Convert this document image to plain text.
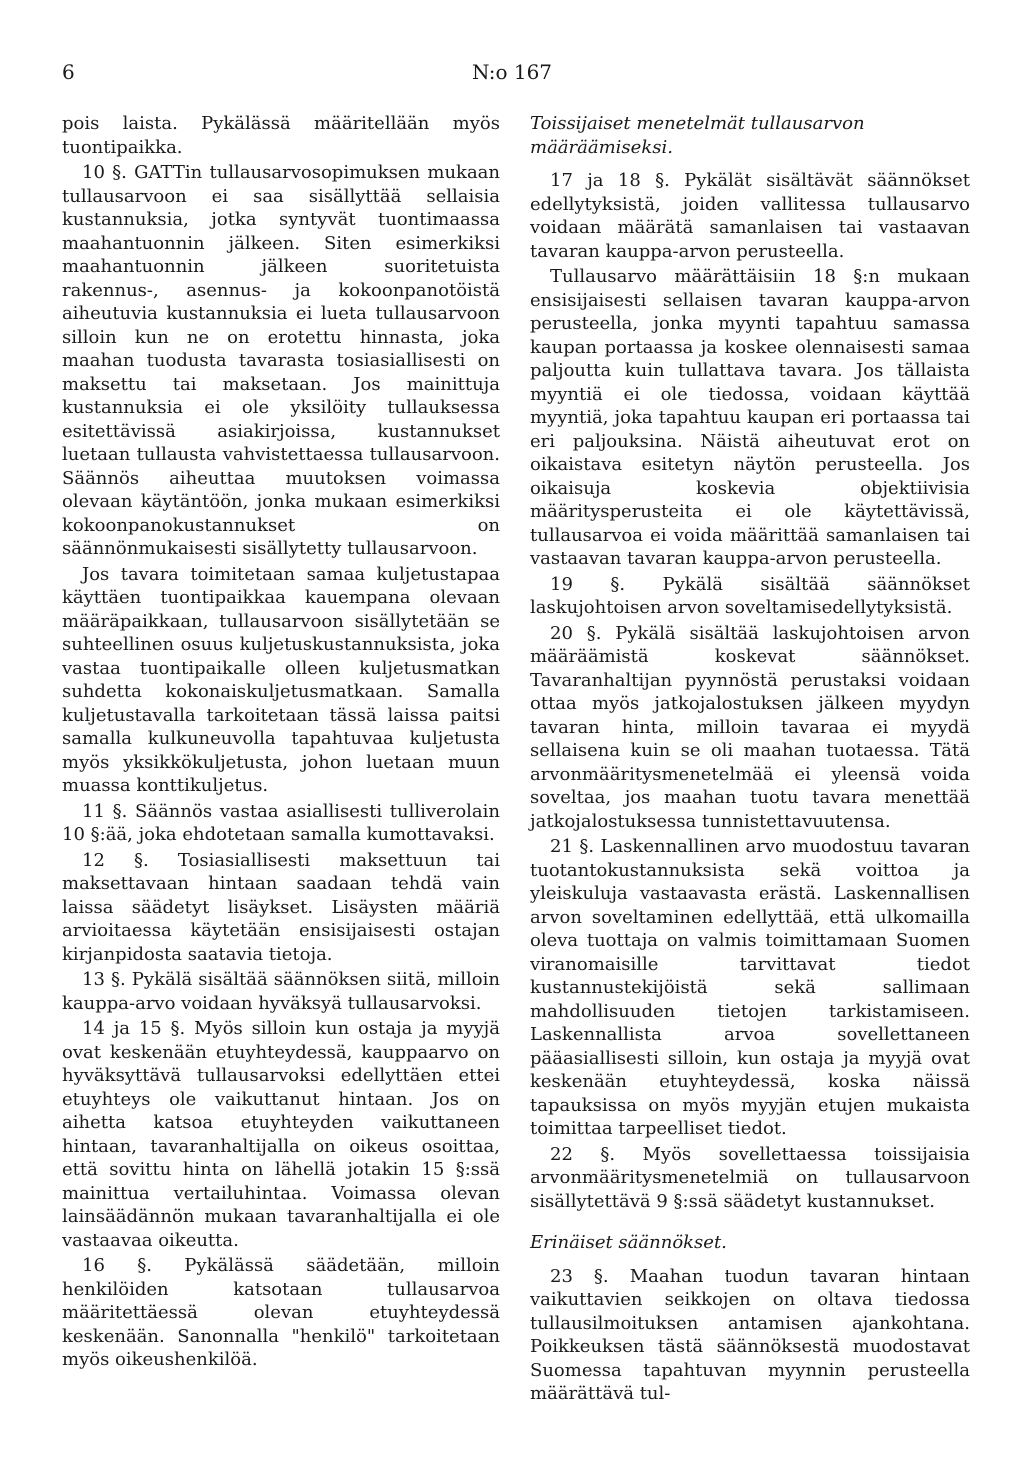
6	N:o 167

pois laista. Pykälässä määritellään myös tuontipaikka.

10 §. GATTin tullausarvosopimuksen mukaan tullausarvoon ei saa sisällyttää sellaisia kustannuksia, jotka syntyvät tuontimaassa maahantuonnin jälkeen. Siten esimerkiksi maahantuonnin jälkeen suoritetuista rakennus-, asennus- ja kokoonpanotöistä aiheutuvia kustannuksia ei lueta tullausarvoon silloin kun ne on erotettu hinnasta, joka maahan tuodusta tavarasta tosiasiallisesti on maksettu tai maksetaan. Jos mainittuja kustannuksia ei ole yksilöity tullauksessa esitettävissä asiakirjoissa, kustannukset luetaan tullausta vahvistettaessa tullausarvoon. Säännös aiheuttaa muutoksen voimassa olevaan käytäntöön, jonka mukaan esimerkiksi kokoonpanokustannukset on säännönmukaisesti sisällytetty tullausarvoon.

Jos tavara toimitetaan samaa kuljetustapaa käyttäen tuontipaikkaa kauempana olevaan määräpaikkaan, tullausarvoon sisällytetään se suhteellinen osuus kuljetuskustannuksista, joka vastaa tuontipaikalle olleen kuljetusmatkan suhdetta kokonaiskuljetusmatkaan. Samalla kuljetustavalla tarkoitetaan tässä laissa paitsi samalla kulkuneuvolla tapahtuvaa kuljetusta myös yksikkökuljetusta, johon luetaan muun muassa konttikuljetus.

11 §. Säännös vastaa asiallisesti tulliverolain 10 §:ää, joka ehdotetaan samalla kumottavaksi.

12 §. Tosiasiallisesti maksettuun tai maksettavaan hintaan saadaan tehdä vain laissa säädetyt lisäykset. Lisäysten määriä arvioitaessa käytetään ensisijaisesti ostajan kirjanpidosta saatavia tietoja.

13 §. Pykälä sisältää säännöksen siitä, milloin kauppa-arvo voidaan hyväksyä tullausarvoksi.

14 ja 15 §. Myös silloin kun ostaja ja myyjä ovat keskenään etuyhteydessä, kauppaarvo on hyväksyttävä tullausarvoksi edellyttäen ettei etuyhteys ole vaikuttanut hintaan. Jos on aihetta katsoa etuyhteyden vaikuttaneen hintaan, tavaranhaltijalla on oikeus osoittaa, että sovittu hinta on lähellä jotakin 15 §:ssä mainittua vertailuhintaa. Voimassa olevan lainsäädännön mukaan tavaranhaltijalla ei ole vastaavaa oikeutta.

16 §. Pykälässä säädetään, milloin henkilöiden katsotaan tullausarvoa määritettäessä olevan etuyhteydessä keskenään. Sanonnalla "henkilö" tarkoitetaan myös oikeushenkilöä.

Toissijaiset menetelmät tullausarvon määräämiseksi.

17 ja 18 §. Pykälät sisältävät säännökset edellytyksistä, joiden vallitessa tullausarvo voidaan määrätä samanlaisen tai vastaavan tavaran kauppa-arvon perusteella.

Tullausarvo määrättäisiin 18 §:n mukaan ensisijaisesti sellaisen tavaran kauppa-arvon perusteella, jonka myynti tapahtuu samassa kaupan portaassa ja koskee olennaisesti samaa paljoutta kuin tullattava tavara. Jos tällaista myyntiä ei ole tiedossa, voidaan käyttää myyntiä, joka tapahtuu kaupan eri portaassa tai eri paljouksina. Näistä aiheutuvat erot on oikaistava esitetyn näytön perusteella. Jos oikaisuja koskevia objektiivisia määritysperusteita ei ole käytettävissä, tullausarvoa ei voida määrittää samanlaisen tai vastaavan tavaran kauppa-arvon perusteella.

19 §. Pykälä sisältää säännökset laskujohtoisen arvon soveltamisedellytyksistä.

20 §. Pykälä sisältää laskujohtoisen arvon määräämistä koskevat säännökset. Tavaranhaltijan pyynnöstä perustaksi voidaan ottaa myös jatkojalostuksen jälkeen myydyn tavaran hinta, milloin tavaraa ei myydä sellaisena kuin se oli maahan tuotaessa. Tätä arvonmääritysmenetelmää ei yleensä voida soveltaa, jos maahan tuotu tavara menettää jatkojalostuksessa tunnistettavuutensa.

21 §. Laskennallinen arvo muodostuu tavaran tuotantokustannuksista sekä voittoa ja yleiskuluja vastaavasta erästä. Laskennallisen arvon soveltaminen edellyttää, että ulkomailla oleva tuottaja on valmis toimittamaan Suomen viranomaisille tarvittavat tiedot kustannustekijöistä sekä sallimaan mahdollisuuden tietojen tarkistamiseen. Laskennallista arvoa sovellettaneen pääasiallisesti silloin, kun ostaja ja myyjä ovat keskenään etuyhteydessä, koska näissä tapauksissa on myös myyjän etujen mukaista toimittaa tarpeelliset tiedot.

22 §. Myös sovellettaessa toissijaisia arvonmääritysmenetelmiä on tullausarvoon sisällytettävä 9 §:ssä säädetyt kustannukset.

Erinäiset säännökset.

23 §. Maahan tuodun tavaran hintaan vaikuttavien seikkojen on oltava tiedossa tullausilmoituksen antamisen ajankohtana. Poikkeuksen tästä säännöksestä muodostavat Suomessa tapahtuvan myynnin perusteella määrättävä tul-
